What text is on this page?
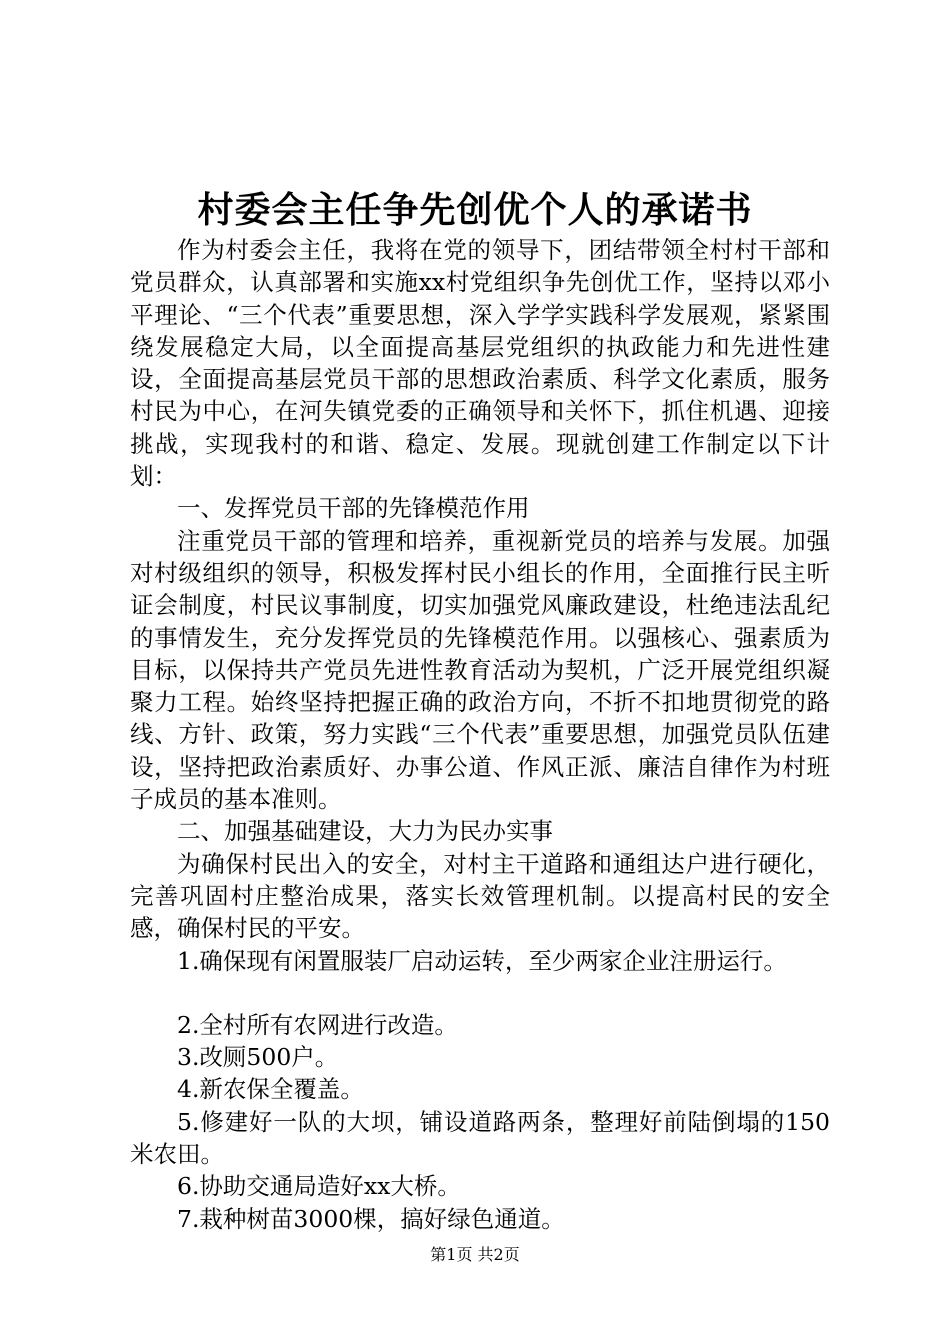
村委会主任争先创优个人的承诺书

作为村委会主任，我将在党的领导下，团结带领全村村干部和党员群众，认真部署和实施xx村党组织争先创优工作，坚持以邓小平理论、“三个代表”重要思想，深入学学实践科学发展观，紧紧围绕发展稳定大局，以全面提高基层党组织的执政能力和先进性建设，全面提高基层党员干部的思想政治素质、科学文化素质，服务村民为中心，在河失镇党委的正确领导和关怀下，抓住机遇、迎接挑战，实现我村的和谐、稳定、发展。现就创建工作制定以下计划：

一、发挥党员干部的先锋模范作用

注重党员干部的管理和培养，重视新党员的培养与发展。加强对村级组织的领导，积极发挥村民小组长的作用，全面推行民主听证会制度，村民议事制度，切实加强党风廉政建设，杜绝违法乱纪的事情发生，充分发挥党员的先锋模范作用。以强核心、强素质为目标，以保持共产党员先进性教育活动为契机，广泛开展党组织凝聚力工程。始终坚持把握正确的政治方向，不折不扣地贯彻党的路线、方针、政策，努力实践“三个代表”重要思想，加强党员队伍建设，坚持把政治素质好、办事公道、作风正派、廉洁自律作为村班子成员的基本准则。

二、加强基础建设，大力为民办实事

为确保村民出入的安全，对村主干道路和通组达户进行硬化，完善巩固村庄整治成果，落实长效管理机制。以提高村民的安全感，确保村民的平安。

1.确保现有闲置服装厂启动运转，至少两家企业注册运行。

2.全村所有农网进行改造。

3.改厕500户。

4.新农保全覆盖。

5.修建好一队的大坝，铺设道路两条，整理好前陆倒塌的150米农田。

6.协助交通局造好xx大桥。

7.栽种树苗3000棵，搞好绿色通道。

第1页 共2页
